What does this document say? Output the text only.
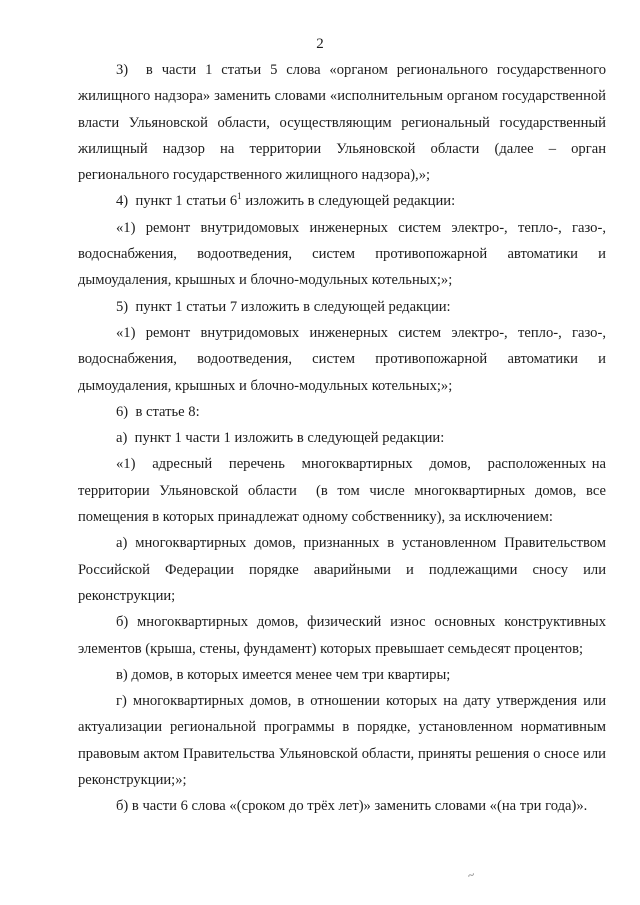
2

3)  в части 1 статьи 5 слова «органом регионального государственного жилищного надзора» заменить словами «исполнительным органом государственной власти Ульяновской области, осуществляющим региональный государственный жилищный надзор на территории Ульяновской области (далее – орган регионального государственного жилищного надзора),»;

4)  пункт 1 статьи $6^1$ изложить в следующей редакции:

«1) ремонт внутридомовых инженерных систем электро-, тепло-, газо-, водоснабжения, водоотведения, систем противопожарной автоматики и дымоудаления, крышных и блочно-модульных котельных;»;

5)  пункт 1 статьи 7 изложить в следующей редакции:

«1) ремонт внутридомовых инженерных систем электро-, тепло-, газо-, водоснабжения, водоотведения, систем противопожарной автоматики и дымоудаления, крышных и блочно-модульных котельных;»;

6)  в статье 8:

а)  пункт 1 части 1 изложить в следующей редакции:

«1)   адресный   перечень   многоквартирных   домов,   расположенных на территории Ульяновской области  (в том числе многоквартирных домов, все помещения в которых принадлежат одному собственнику), за исключением:

а) многоквартирных домов, признанных в установленном Правительством Российской Федерации порядке аварийными и подлежащими сносу или реконструкции;

б) многоквартирных домов, физический износ основных конструктивных элементов (крыша, стены, фундамент) которых превышает семьдесят процентов;

в) домов, в которых имеется менее чем три квартиры;

г) многоквартирных домов, в отношении которых на дату утверждения или актуализации региональной программы в порядке, установленном нормативным правовым актом Правительства Ульяновской области, приняты решения о сносе или реконструкции;»;

б) в части 6 слова «(сроком до трёх лет)» заменить словами «(на три года)».

~
